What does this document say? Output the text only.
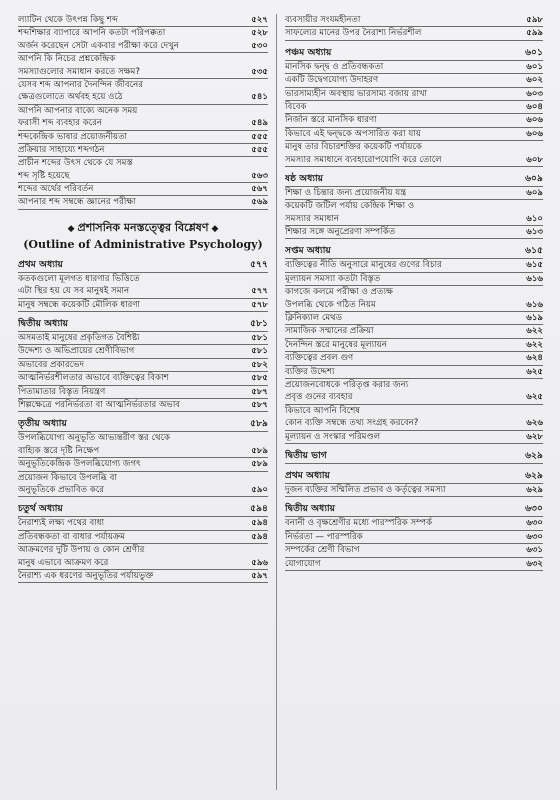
ল্যাটিন থেকে উৎপন্ন কিছু শব্দ	৫২৭
শব্দশিক্ষার ব্যাপারে আপনি কতটা পরিপক্কতা	৫২৮
অর্জন করেছেন সেটা একবার পরীক্ষা করে দেখুন	৫৩০
আপনি কি নিচের প্রশ্নকেন্দ্রিক
সমস্যাগুলোর সমাধান করতে সক্ষম?	৫৩৫
যেসব শব্দ আপনার দৈনন্দিন জীবনের
ক্ষেত্রগুলোতে অর্থবহ হয়ে ওঠে	৫৪১
আপনি আপনার বাক্যে অনেক সময়
ফরাসী শব্দ ব্যবহার করেন	৫৪৯
শব্দকেন্দ্রিক ভাষার প্রয়োজনীয়তা	৫৫৫
প্রক্রিয়ার সাহায্যে শব্দগঠন	৫৫৫
প্রাচীন শব্দের উৎস থেকে যে সমস্ত
শব্দ সৃষ্টি হয়েছে	৫৬৩
শব্দের অর্থের পরিবর্তন	৫৬৭
আপনার শব্দ সম্বন্ধে জ্ঞানের পরীক্ষা	৫৬৯
◆ প্রশাসনিক মনস্তত্ত্বের বিশ্লেষণ ◆
(Outline of Administrative Psychology)
প্রথম অধ্যায়	৫৭৭
কতকগুলো মূলগত ধারণার ভিত্তিতে
এটা স্থির হয় যে সব মানুষই সমান	৫৭৭
মানুষ সম্বন্ধে কয়েকটি মৌলিক ধারণা	৫৭৮
দ্বিতীয় অধ্যায়	৫৮১
অসমতাই মানুষের প্রকৃতিগত বৈশিষ্ট্য	৫৮১
উদ্দেশ্য ও অভিপ্রায়ের শ্রেণীবিভাগ	৫৮১
অভাবের প্রকারভেদ	৫৮২
আত্মনির্ভরশীলতার অভাবে ব্যক্তিত্বের বিকাশ	৫৮৫
পিতামাতার বিস্তৃত নিয়ন্ত্রণ	৫৮৭
শিল্পক্ষেত্রে পরনির্ভরতা বা আত্মনির্ভরতার অভাব	৫৮৭
তৃতীয় অধ্যায়	৫৮৯
উপলব্ধিযোগ্য অনুভূতি আভ্যন্তরীণ স্তর থেকে
বাহ্যিক স্তরে দৃষ্টি নিক্ষেপ	৫৮৯
অনুভূতিকেন্দ্রিক উপলব্ধিযোগ্য জগৎ	৫৮৯
প্রয়োজন কিভাবে উপলব্ধি বা
অনুভূতিকে প্রভাবিত করে	৫৯০
চতুর্থ অধ্যায়	৫৯৪
নৈরাশ্যই লক্ষ্য পথের বাধা	৫৯৪
প্রতিবন্ধকতা বা বাধার পর্যায়ক্রম	৫৯৪
আক্রমণের দুটি উপায় ও কোন শ্রেণীর
মানুষ এভাবে আক্রমণ করে	৫৯৬
নৈরাশ্য এক ধরণের অনুভূতির পর্যায়ভুক্ত	৫৯৭
ব্যবসায়ীর সংযমহীনতা	৫৯৮
সাফল্যের মানের উপর নৈরাশ্য নির্ভরশীল	৫৯৯
পঞ্চম অধ্যায়	৬০১
মানসিক দ্বন্দ্ব ও প্রতিবন্ধকতা	৬০১
একটি উদ্বেগযোগ্য উদাহরণ	৬০২
ভারসাম্যহীন অবস্থায় ভারসাম্য বজায় রাখা	৬০৩
বিবেক	৬০৪
নির্জান স্তরে মানসিক ধারণা	৬০৬
কিভাবে এই দ্বন্দ্বকে অপসারিত করা যায়	৬০৬
মানুষ তার বিচারশক্তির কয়েকটি পর্যায়কে
সমস্যার সমাধানে ব্যবহারোপযোগি করে তোলে	৬০৮
ষষ্ঠ অধ্যায়	৬০৯
শিক্ষা ও চিন্তার জন্য প্রয়োজনীয় যন্ত্র	৬০৯
কয়েকটি জটিল পর্যায় কেন্দ্রিক শিক্ষা ও
সমস্যার সমাধান	৬১০
শিক্ষার সঙ্গে অনুপ্রেরণা সম্পর্কিত	৬১৩
সপ্তম অধ্যায়	৬১৫
ব্যক্তিত্বের নীতি অনুসারে মানুষের গুণের বিচার	৬১৫
মূল্যায়ন সমস্যা কতটা বিস্তৃত	৬১৬
কাগজে কলমে পরীক্ষা ও প্রত্যক্ষ
উপলব্ধি থেকে গঠিত নিয়ম	৬১৬
ক্লিনিক্যাল মেথড	৬১৯
সামাজিক সম্মানের প্রক্রিয়া	৬২২
দৈনন্দিন স্তরে মানুষের মূল্যায়ন	৬২২
ব্যক্তিত্বের প্রবল গুণ	৬২৪
ব্যক্তির উদ্দেশ্য	৬২৫
প্রয়োজনবোধকে পরিতৃপ্ত করার জন্য
প্রবৃত্ত গুনের ব্যবহার	৬২৫
কিভাবে আপনি বিশেষ
কোন ব্যক্তি সম্বন্ধে তথ্য সংগ্রহ করবেন?	৬২৬
মূল্যায়ন ও সংস্কার পরিমণ্ডল	৬২৮
দ্বিতীয় ভাগ	৬২৯
প্রথম অধ্যায়	৬২৯
দুজন ব্যক্তির সম্মিলিত প্রভাব ও কর্তৃত্বের সমস্যা	৬২৯
দ্বিতীয় অধ্যায়	৬৩০
বনানী ও বৃক্ষশ্রেণীর মধ্যে পারস্পরিক সম্পর্ক	৬৩০
নির্ভরতা — পারস্পরিক	৬৩০
সম্পর্কের শ্রেণী বিভাগ	৬৩১
যোগাযোগ	৬৩২
